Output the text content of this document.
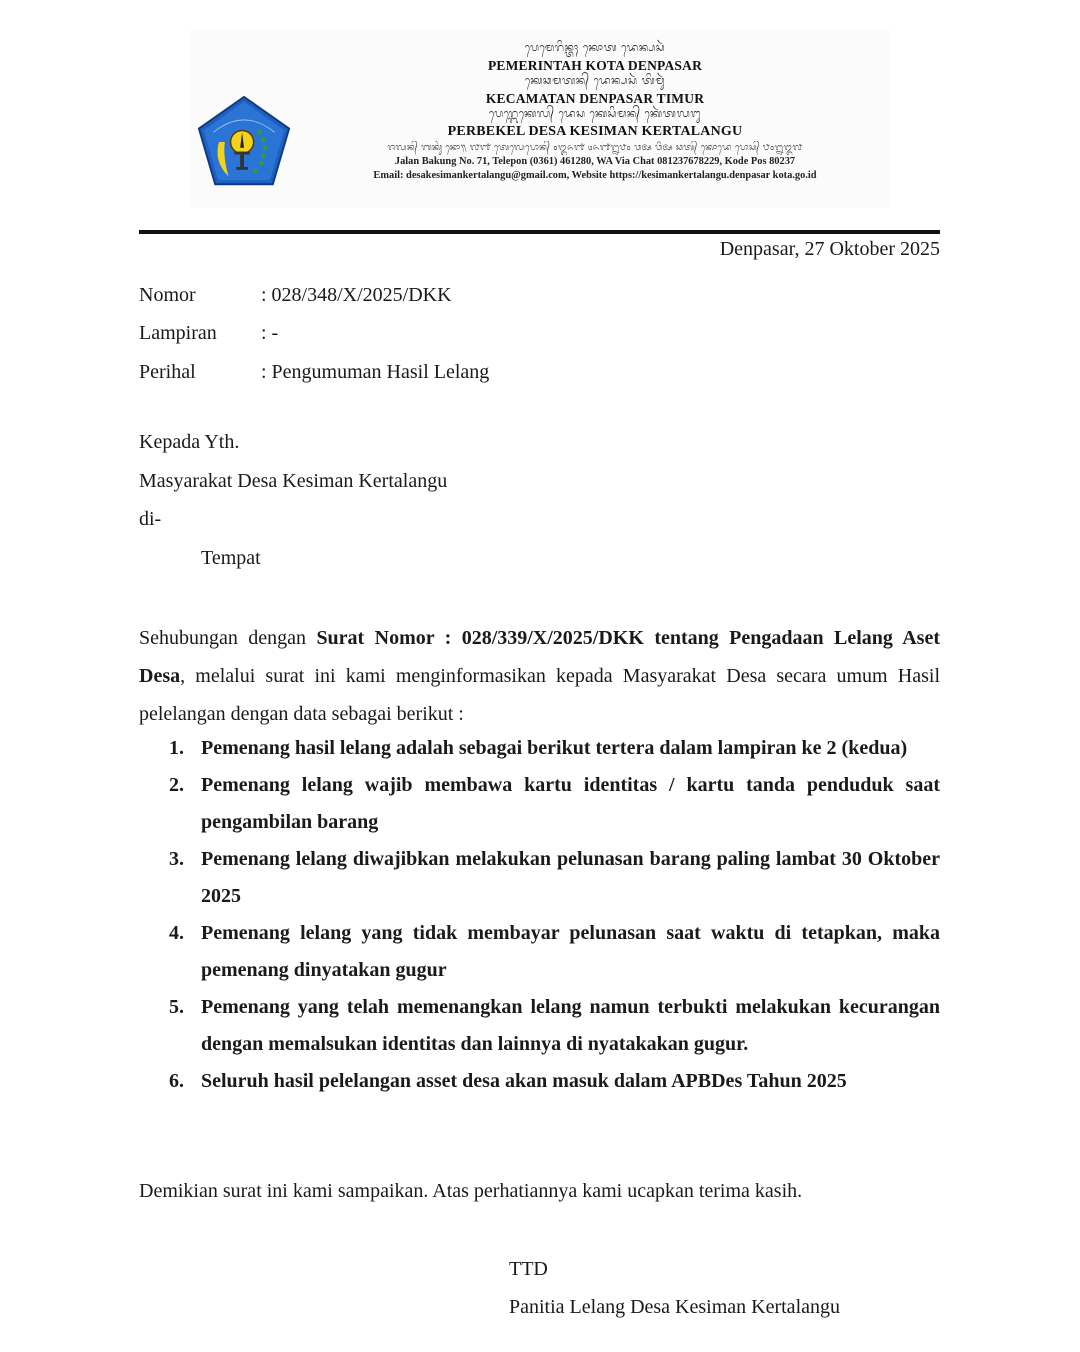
ᬧᬾᬫᬾᬭᬶᬦ᭄ᬢᬄ ᬓᭀᬢ ᬤᬾᬦ᭄ᬧᬲᬃ
PEMERINTAH KOTA DENPASAR
ᬓᬾᬘᬫᬢᬦ᭄ ᬤᬾᬦ᭄ᬧᬲᬃ ᬢᬶᬫᬸᬃ
KECAMATAN DENPASAR TIMUR
ᬧᬾᬭ᭄ᬩᬾᬓᬾᬮ᭄ ᬤᬾᬲ ᬓᬾᬲᬶᬫᬦ᭄ ᬓᬾᬃᬢᬮᬗᬸ
PERBEKEL DESA KESIMAN KERTALANGU
ᬚᬮᬦ᭄ ᬩᬓᬸᬂ ᬦᭀ᭟ ᭗᭑ ᬢᬾᬮᬾᬧᭀᬦ᭄ ᭐᭓᭖᭑ ᭔᭖᭑᭒᭘᭐ ᬯᬅ ᬯᬶᬅ ᬘᬢ᭄ ᬓᭀᬤᬾ ᬧᭀᬲ᭄ ᭘᭐᭒᭓᭗
Jalan Bakung No. 71, Telepon (0361) 461280, WA Via Chat 081237678229, Kode Pos 80237
Email: desakesimankertalangu@gmail.com, Website https://kesimankertalangu.denpasar kota.go.id
Denpasar, 27 Oktober 2025
Nomor	: 028/348/X/2025/DKK
Lampiran	: -
Perihal	: Pengumuman Hasil Lelang
Kepada Yth.
Masyarakat Desa Kesiman Kertalangu
di-
Tempat
Sehubungan dengan Surat Nomor : 028/339/X/2025/DKK tentang Pengadaan Lelang Aset Desa, melalui surat ini kami menginformasikan kepada Masyarakat Desa secara umum Hasil pelelangan dengan data sebagai berikut :
1. Pemenang hasil lelang adalah sebagai berikut tertera dalam lampiran ke 2 (kedua)
2. Pemenang lelang wajib membawa kartu identitas / kartu tanda penduduk saat pengambilan barang
3. Pemenang lelang diwajibkan melakukan pelunasan barang paling lambat 30 Oktober 2025
4. Pemenang lelang yang tidak membayar pelunasan saat waktu di tetapkan, maka pemenang dinyatakan gugur
5. Pemenang yang telah memenangkan lelang namun terbukti melakukan kecurangan dengan memalsukan identitas dan lainnya di nyatakakan gugur.
6. Seluruh hasil pelelangan asset desa akan masuk dalam APBDes Tahun 2025
Demikian surat ini kami sampaikan. Atas perhatiannya kami ucapkan terima kasih.
TTD
Panitia Lelang Desa Kesiman Kertalangu
